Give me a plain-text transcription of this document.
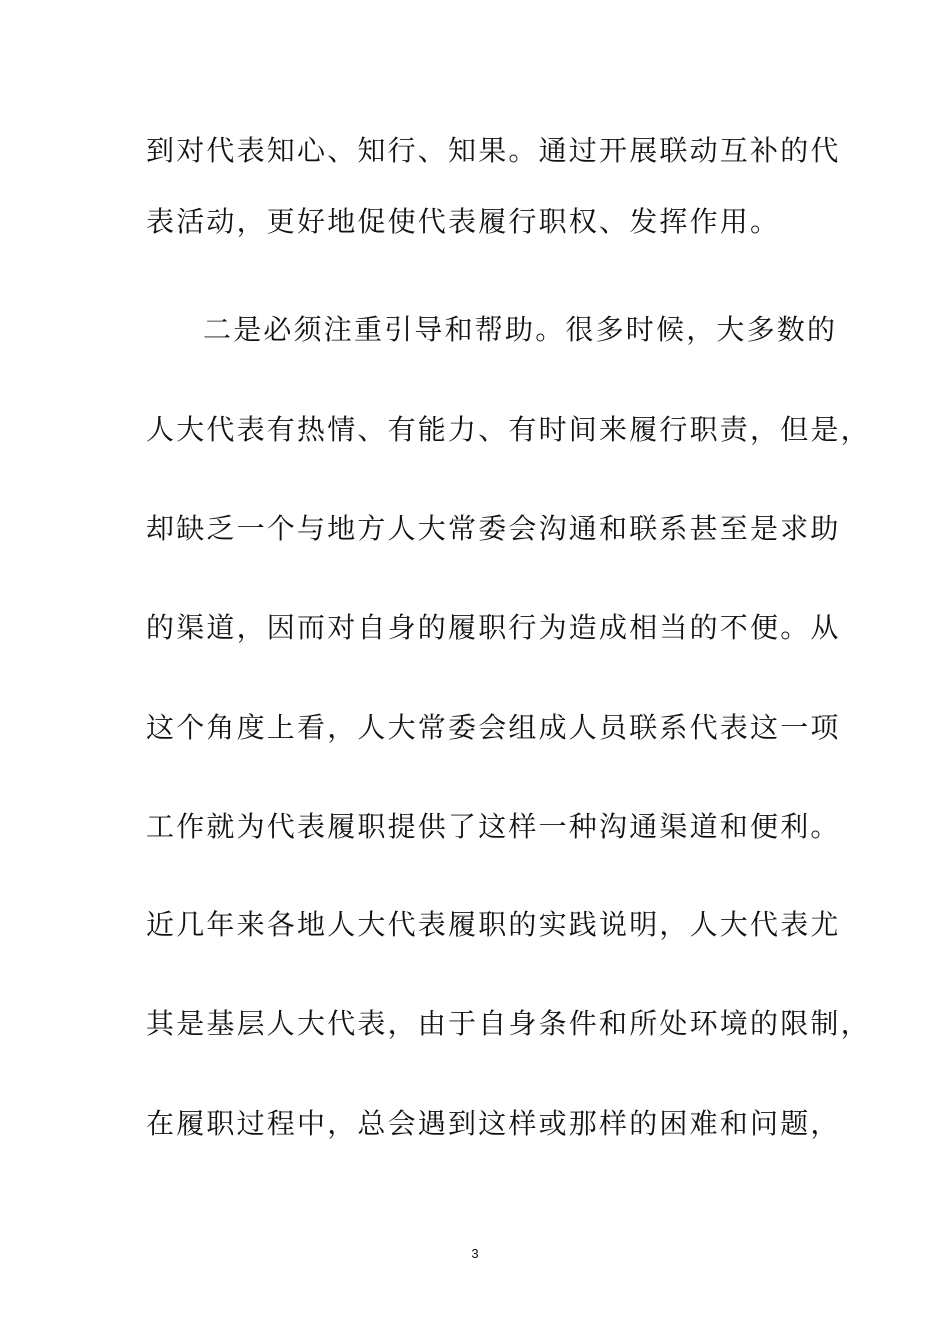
到对代表知心、知行、知果。通过开展联动互补的代
表活动，更好地促使代表履行职权、发挥作用。
二是必须注重引导和帮助。很多时候，大多数的
人大代表有热情、有能力、有时间来履行职责，但是，
却缺乏一个与地方人大常委会沟通和联系甚至是求助
的渠道，因而对自身的履职行为造成相当的不便。从
这个角度上看，人大常委会组成人员联系代表这一项
工作就为代表履职提供了这样一种沟通渠道和便利。
近几年来各地人大代表履职的实践说明，人大代表尤
其是基层人大代表，由于自身条件和所处环境的限制，
在履职过程中，总会遇到这样或那样的困难和问题，
3
